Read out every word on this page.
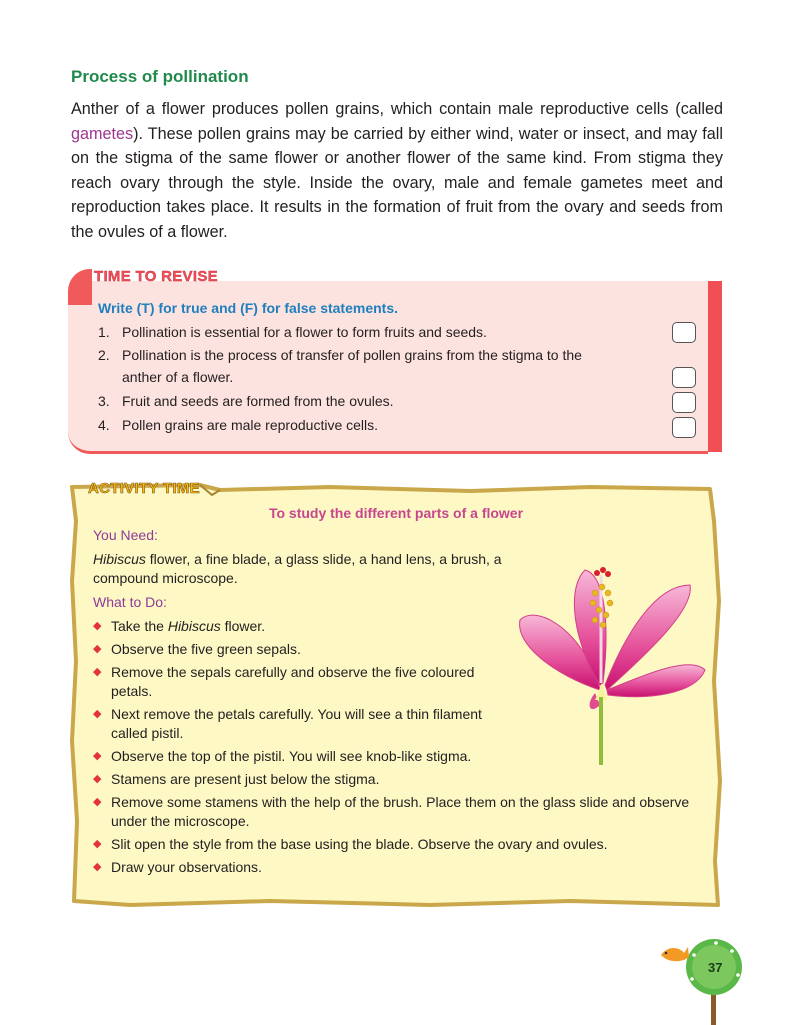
Process of pollination

Anther of a flower produces pollen grains, which contain male reproductive cells (called gametes). These pollen grains may be carried by either wind, water or insect, and may fall on the stigma of the same flower or another flower of the same kind. From stigma they reach ovary through the style. Inside the ovary, male and female gametes meet and reproduction takes place. It results in the formation of fruit from the ovary and seeds from the ovules of a flower.

TIME TO REVISE
Write (T) for true and (F) for false statements.
1. Pollination is essential for a flower to form fruits and seeds.
2. Pollination is the process of transfer of pollen grains from the stigma to the anther of a flower.
3. Fruit and seeds are formed from the ovules.
4. Pollen grains are male reproductive cells.
ACTIVITY TIME
To study the different parts of a flower
You Need:
Hibiscus flower, a fine blade, a glass slide, a hand lens, a brush, a compound microscope.
What to Do:
◆ Take the Hibiscus flower.
◆ Observe the five green sepals.
◆ Remove the sepals carefully and observe the five coloured petals.
◆ Next remove the petals carefully. You will see a thin filament called pistil.
◆ Observe the top of the pistil. You will see knob-like stigma.
◆ Stamens are present just below the stigma.
◆ Remove some stamens with the help of the brush. Place them on the glass slide and observe under the microscope.
◆ Slit open the style from the base using the blade. Observe the ovary and ovules.
◆ Draw your observations.
37
